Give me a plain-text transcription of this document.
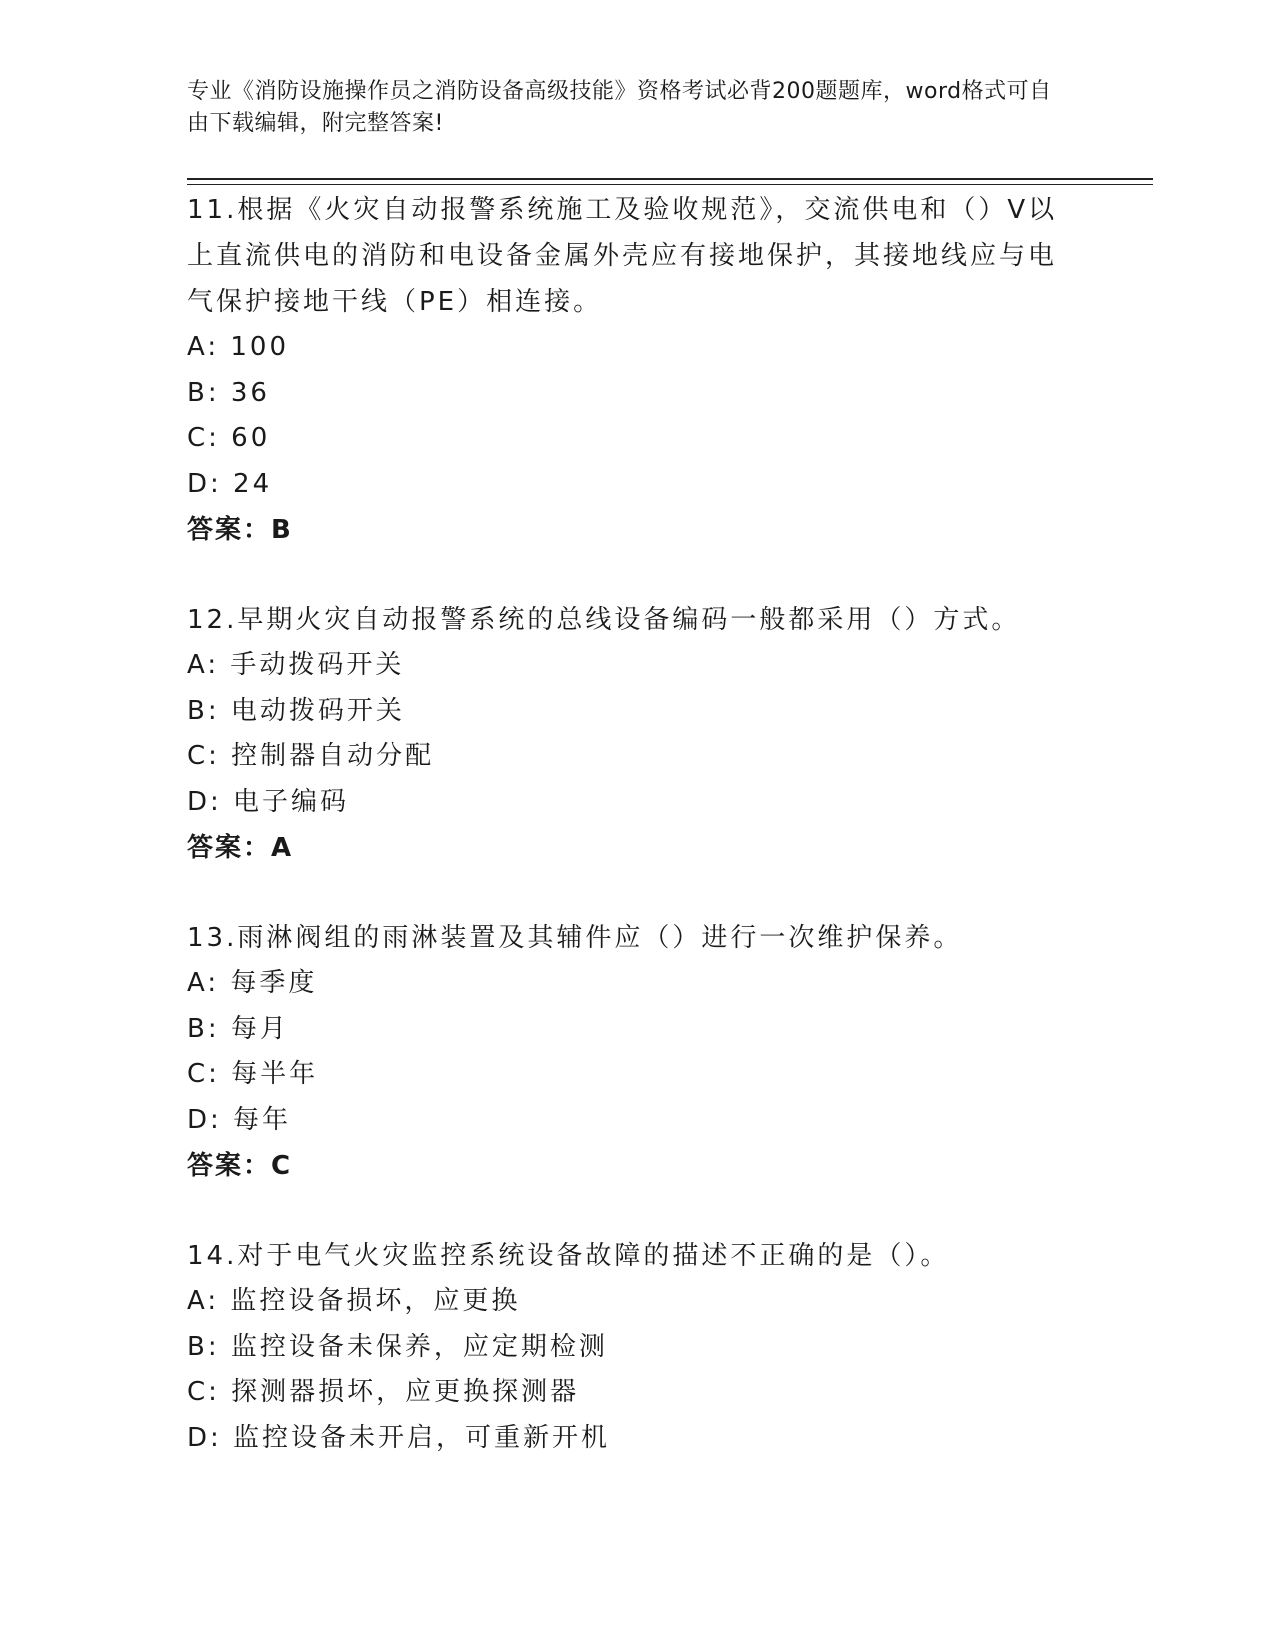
专业《消防设施操作员之消防设备高级技能》资格考试必背200题题库，word格式可自由下载编辑，附完整答案!

11.根据《火灾自动报警系统施工及验收规范》，交流供电和（）V以上直流供电的消防和电设备金属外壳应有接地保护，其接地线应与电气保护接地干线（PE）相连接。

A: 100

B: 36

C: 60

D: 24

答案：B

12.早期火灾自动报警系统的总线设备编码一般都采用（）方式。

A: 手动拨码开关

B: 电动拨码开关

C: 控制器自动分配

D: 电子编码

答案：A

13.雨淋阀组的雨淋装置及其辅件应（）进行一次维护保养。

A: 每季度

B: 每月

C: 每半年

D: 每年

答案：C

14.对于电气火灾监控系统设备故障的描述不正确的是（）。

A: 监控设备损坏，应更换

B: 监控设备未保养，应定期检测

C: 探测器损坏，应更换探测器

D: 监控设备未开启，可重新开机
